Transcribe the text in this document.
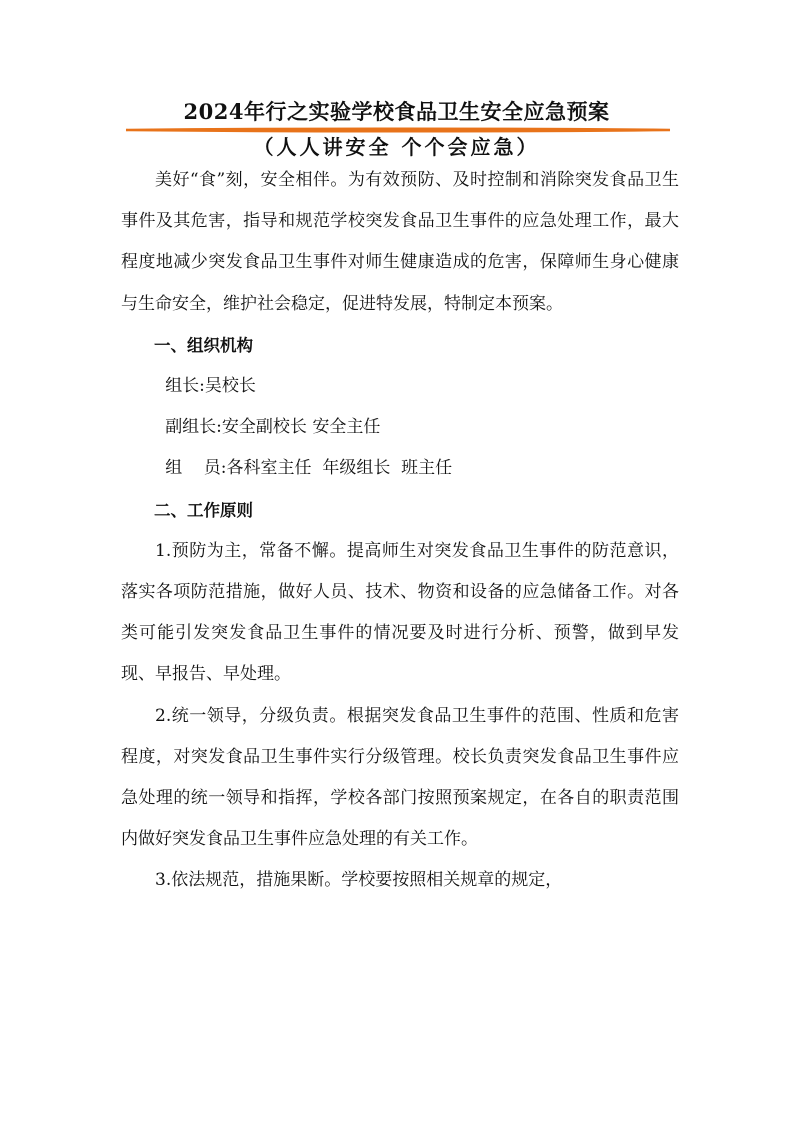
2024年行之实验学校食品卫生安全应急预案
（人人讲安全 个个会应急）

美好“食”刻，安全相伴。为有效预防、及时控制和消除突发食品卫生事件及其危害，指导和规范学校突发食品卫生事件的应急处理工作，最大程度地减少突发食品卫生事件对师生健康造成的危害，保障师生身心健康与生命安全，维护社会稳定，促进特发展，特制定本预案。

一、组织机构

组长:吴校长

副组长:安全副校长 安全主任

组    员:各科室主任  年级组长  班主任

二、工作原则

1.预防为主，常备不懈。提高师生对突发食品卫生事件的防范意识，落实各项防范措施，做好人员、技术、物资和设备的应急储备工作。对各类可能引发突发食品卫生事件的情况要及时进行分析、预警，做到早发现、早报告、早处理。

2.统一领导，分级负责。根据突发食品卫生事件的范围、性质和危害程度，对突发食品卫生事件实行分级管理。校长负责突发食品卫生事件应急处理的统一领导和指挥，学校各部门按照预案规定，在各自的职责范围内做好突发食品卫生事件应急处理的有关工作。

3.依法规范，措施果断。学校要按照相关规章的规定，
